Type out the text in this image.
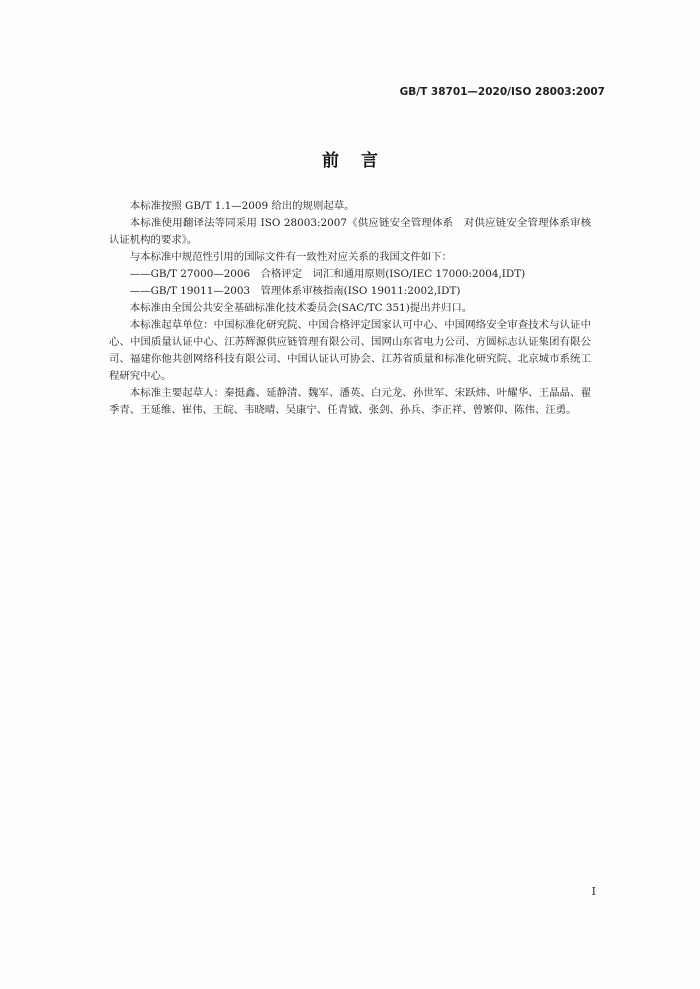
GB/T 38701—2020/ISO 28003:2007
前言

本标准按照 GB/T 1.1—2009 给出的规则起草。

本标准使用翻译法等同采用 ISO 28003:2007《供应链安全管理体系　对供应链安全管理体系审核认证机构的要求》。

与本标准中规范性引用的国际文件有一致性对应关系的我国文件如下：

——GB/T 27000—2006　合格评定　词汇和通用原则(ISO/IEC 17000:2004,IDT)

——GB/T 19011—2003　管理体系审核指南(ISO 19011:2002,IDT)

本标准由全国公共安全基础标准化技术委员会(SAC/TC 351)提出并归口。

本标准起草单位：中国标准化研究院、中国合格评定国家认可中心、中国网络安全审查技术与认证中心、中国质量认证中心、江苏辉源供应链管理有限公司、国网山东省电力公司、方圆标志认证集团有限公司、福建你他共创网络科技有限公司、中国认证认可协会、江苏省质量和标准化研究院、北京城市系统工程研究中心。

本标准主要起草人：秦挺鑫、延静清、魏军、潘英、白元龙、孙世军、宋跃炜、叶耀华、王晶晶、翟季青、王延维、崔伟、王皖、韦晓晴、吴康宁、任青钺、张剑、孙兵、李正祥、曾繁仰、陈伟、汪勇。

I
